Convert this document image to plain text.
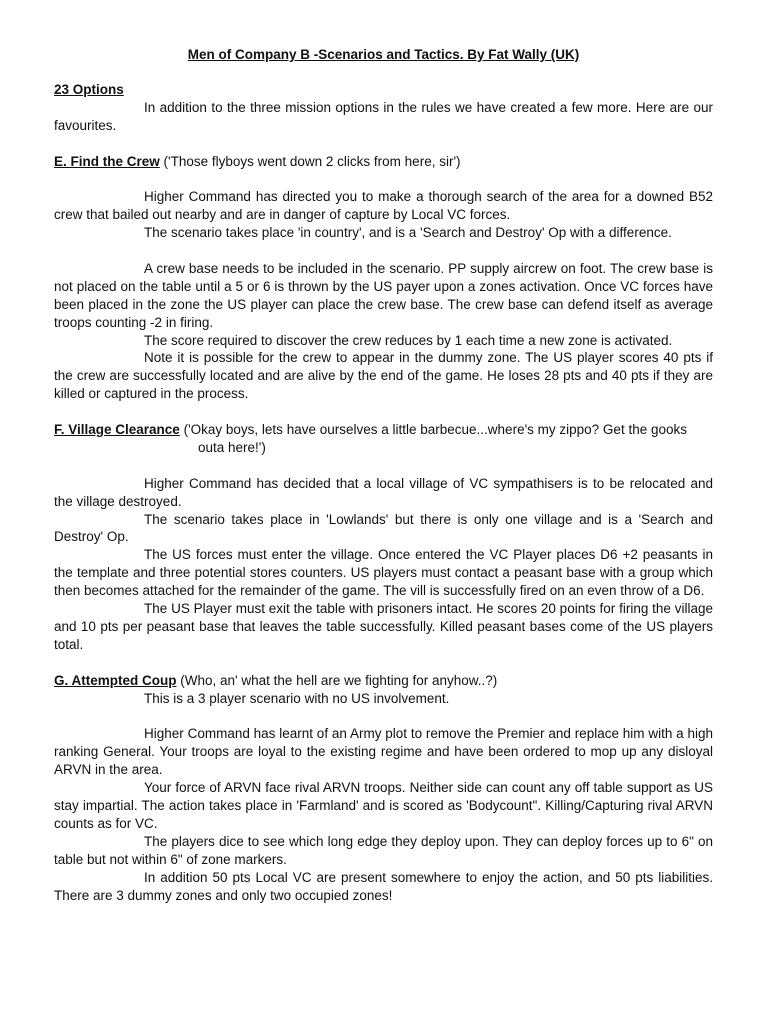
Men of Company B -Scenarios and Tactics. By Fat Wally (UK)
23 Options

In addition to the three mission options in the rules we have created a few more. Here are our favourites.

E. Find the Crew ('Those flyboys went down 2 clicks from here, sir')

Higher Command has directed you to make a thorough search of the area for a downed B52 crew that bailed out nearby and are in danger of capture by Local VC forces.

The scenario takes place 'in country', and is a 'Search and Destroy' Op with a difference.

A crew base needs to be included in the scenario. PP supply aircrew on foot. The crew base is not placed on the table until a 5 or 6 is thrown by the US payer upon a zones activation. Once VC forces have been placed in the zone the US player can place the crew base. The crew base can defend itself as average troops counting -2 in firing.

The score required to discover the crew reduces by 1 each time a new zone is activated.

Note it is possible for the crew to appear in the dummy zone. The US player scores 40 pts if the crew are successfully located and are alive by the end of the game. He loses 28 pts and 40 pts if they are killed or captured in the process.

F. Village Clearance ('Okay boys, lets have ourselves a little barbecue...where's my zippo? Get the gooks

outa here!')

Higher Command has decided that a local village of VC sympathisers is to be relocated and the village destroyed.

The scenario takes place in 'Lowlands' but there is only one village and is a 'Search and Destroy' Op.

The US forces must enter the village. Once entered the VC Player places D6 +2 peasants in the template and three potential stores counters. US players must contact a peasant base with a group which then becomes attached for the remainder of the game. The vill is successfully fired on an even throw of a D6.

The US Player must exit the table with prisoners intact. He scores 20 points for firing the village and 10 pts per peasant base that leaves the table successfully. Killed peasant bases come of the US players total.

G. Attempted Coup (Who, an' what the hell are we fighting for anyhow..?)

This is a 3 player scenario with no US involvement.

Higher Command has learnt of an Army plot to remove the Premier and replace him with a high ranking General. Your troops are loyal to the existing regime and have been ordered to mop up any disloyal ARVN in the area.

Your force of ARVN face rival ARVN troops. Neither side can count any off table support as US stay impartial. The action takes place in 'Farmland' and is scored as 'Bodycount". Killing/Capturing rival ARVN counts as for VC.

The players dice to see which long edge they deploy upon. They can deploy forces up to 6" on table but not within 6" of zone markers.

In addition 50 pts Local VC are present somewhere to enjoy the action, and 50 pts liabilities. There are 3 dummy zones and only two occupied zones!
